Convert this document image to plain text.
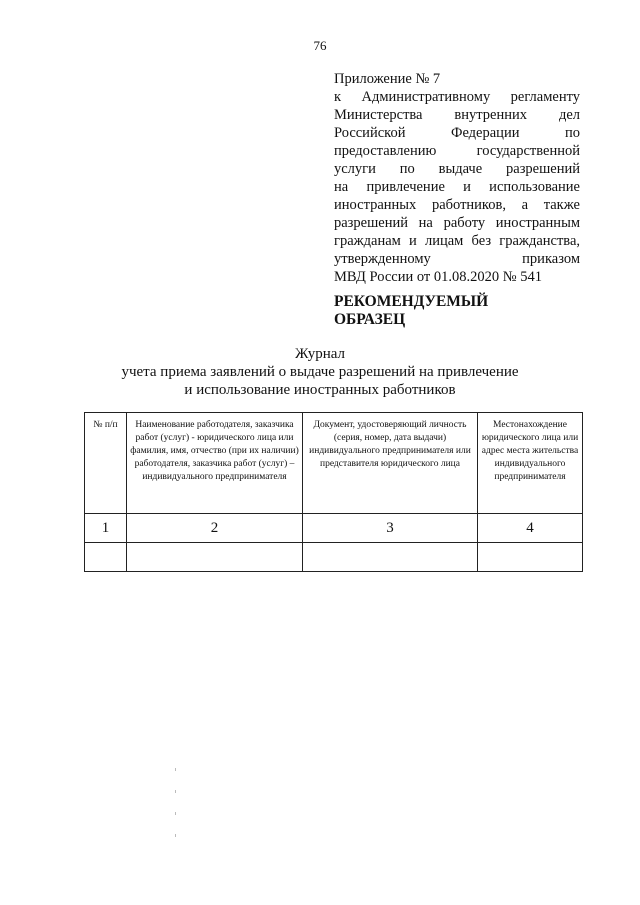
76
Приложение № 7
к Административному регламенту
Министерства внутренних дел
Российской Федерации по
предоставлению государственной
услуги по выдаче разрешений
на привлечение и использование
иностранных работников, а также
разрешений на работу иностранным
гражданам и лицам без гражданства,
утвержденному приказом
МВД России от 01.08.2020 № 541
РЕКОМЕНДУЕМЫЙ
ОБРАЗЕЦ
Журнал
учета приема заявлений о выдаче разрешений на привлечение
и использование иностранных работников
№ п/п	Наименование работодателя, заказчика работ (услуг) - юридического лица или фамилия, имя, отчество (при их наличии) работодателя, заказчика работ (услуг) – индивидуального предпринимателя	Документ, удостоверяющий личность (серия, номер, дата выдачи) индивидуального предпринимателя или представителя юридического лица	Местонахождение юридического лица или адрес места жительства индивидуального предпринимателя
1	2	3	4
